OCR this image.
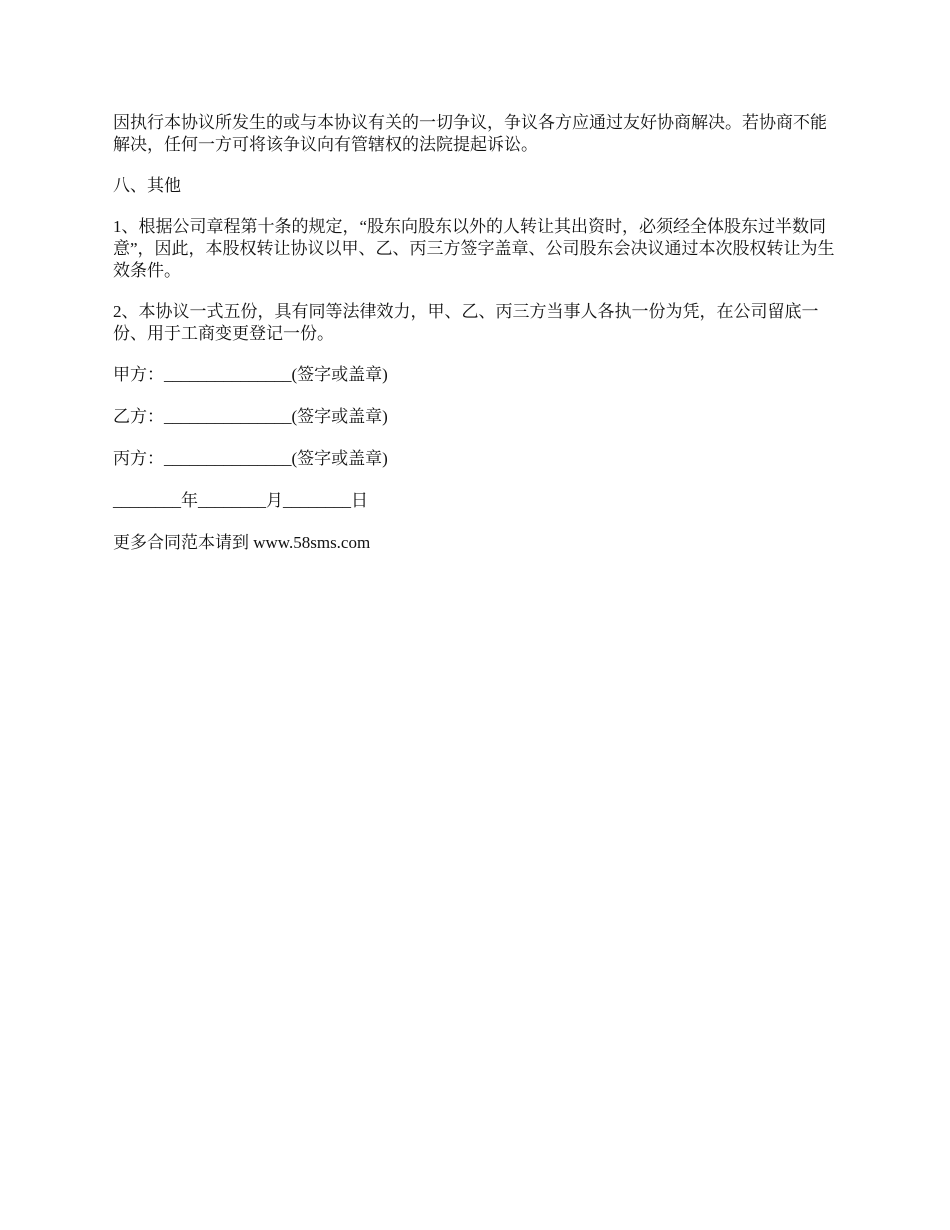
因执行本协议所发生的或与本协议有关的一切争议，争议各方应通过友好协商解决。若协商不能解决，任何一方可将该争议向有管辖权的法院提起诉讼。

八、其他

1、根据公司章程第十条的规定，“股东向股东以外的人转让其出资时，必须经全体股东过半数同意”，因此，本股权转让协议以甲、乙、丙三方签字盖章、公司股东会决议通过本次股权转让为生效条件。

2、本协议一式五份，具有同等法律效力，甲、乙、丙三方当事人各执一份为凭，在公司留底一份、用于工商变更登记一份。

甲方：_______________(签字或盖章)

乙方：_______________(签字或盖章)

丙方：_______________(签字或盖章)

________年________月________日

更多合同范本请到 www.58sms.com
